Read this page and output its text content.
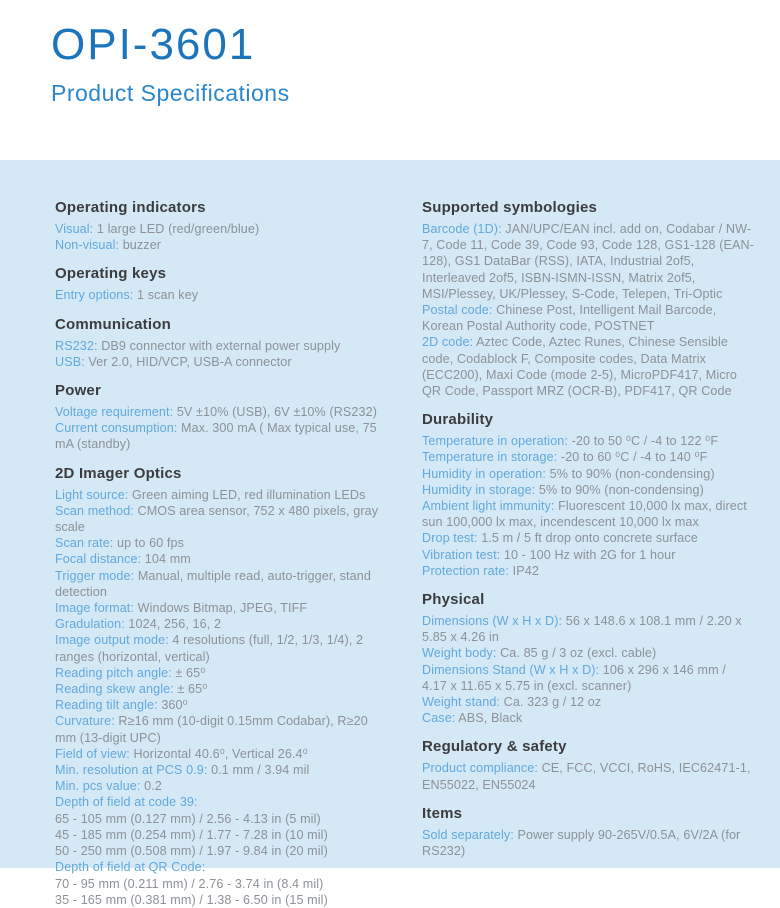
OPI-3601
Product Specifications
Operating indicators

Visual: 1 large LED (red/green/blue)

Non-visual: buzzer

Operating keys

Entry options: 1 scan key

Communication

RS232: DB9 connector with external power supply

USB: Ver 2.0, HID/VCP, USB-A connector

Power

Voltage requirement: 5V ±10% (USB), 6V ±10% (RS232)

Current consumption: Max. 300 mA ( Max typical use, 75 mA (standby)

2D Imager Optics

Light source: Green aiming LED, red illumination LEDs

Scan method: CMOS area sensor, 752 x 480 pixels, gray scale

Scan rate: up to 60 fps

Focal distance: 104 mm

Trigger mode: Manual, multiple read, auto-trigger, stand detection

Image format: Windows Bitmap, JPEG, TIFF

Gradulation: 1024, 256, 16, 2

Image output mode: 4 resolutions (full, 1/2, 1/3, 1/4), 2 ranges (horizontal, vertical)

Reading pitch angle: ± 65⁰

Reading skew angle: ± 65⁰

Reading tilt angle: 360⁰

Curvature: R≥16 mm (10-digit 0.15mm Codabar), R≥20 mm (13-digit UPC)

Field of view: Horizontal 40.6⁰, Vertical 26.4⁰

Min. resolution at PCS 0.9: 0.1 mm / 3.94 mil

Min. pcs value: 0.2

Depth of field at code 39:

65 - 105 mm (0.127 mm) / 2.56 - 4.13 in (5 mil)

45 - 185 mm (0.254 mm) / 1.77 - 7.28 in (10 mil)

50 - 250 mm (0.508 mm) / 1.97 - 9.84 in (20 mil)

Depth of field at QR Code:

70 - 95 mm (0.211 mm) / 2.76 - 3.74 in (8.4 mil)

35 - 165 mm (0.381 mm) / 1.38 - 6.50 in (15 mil)

Supported symbologies

Barcode (1D): JAN/UPC/EAN incl. add on, Codabar / NW-7, Code 11, Code 39, Code 93, Code 128, GS1-128 (EAN-128), GS1 DataBar (RSS), IATA, Industrial 2of5, Interleaved 2of5, ISBN-ISMN-ISSN, Matrix 2of5, MSI/Plessey, UK/Plessey, S-Code, Telepen, Tri-Optic

Postal code: Chinese Post, Intelligent Mail Barcode, Korean Postal Authority code, POSTNET

2D code: Aztec Code, Aztec Runes, Chinese Sensible code, Codablock F, Composite codes, Data Matrix (ECC200), Maxi Code (mode 2-5), MicroPDF417, Micro QR Code, Passport MRZ (OCR-B), PDF417, QR Code

Durability

Temperature in operation: -20 to 50 ⁰C / -4 to 122 ⁰F

Temperature in storage: -20 to 60 ⁰C / -4 to 140 ⁰F

Humidity in operation: 5% to 90% (non-condensing)

Humidity in storage: 5% to 90% (non-condensing)

Ambient light immunity: Fluorescent 10,000 lx max, direct sun 100,000 lx max, incendescent 10,000 lx max

Drop test: 1.5 m / 5 ft drop onto concrete surface

Vibration test: 10 - 100 Hz with 2G for 1 hour

Protection rate: IP42

Physical

Dimensions (W x H x D): 56 x 148.6 x 108.1 mm / 2.20 x 5.85 x 4.26 in

Weight body: Ca. 85 g / 3 oz (excl. cable)

Dimensions Stand (W x H x D): 106 x 296 x 146 mm / 4.17 x 11.65 x 5.75 in (excl. scanner)

Weight stand: Ca. 323 g / 12 oz

Case: ABS, Black

Regulatory & safety

Product compliance: CE, FCC, VCCI, RoHS, IEC62471-1, EN55022, EN55024

Items

Sold separately: Power supply 90-265V/0.5A, 6V/2A (for RS232)
